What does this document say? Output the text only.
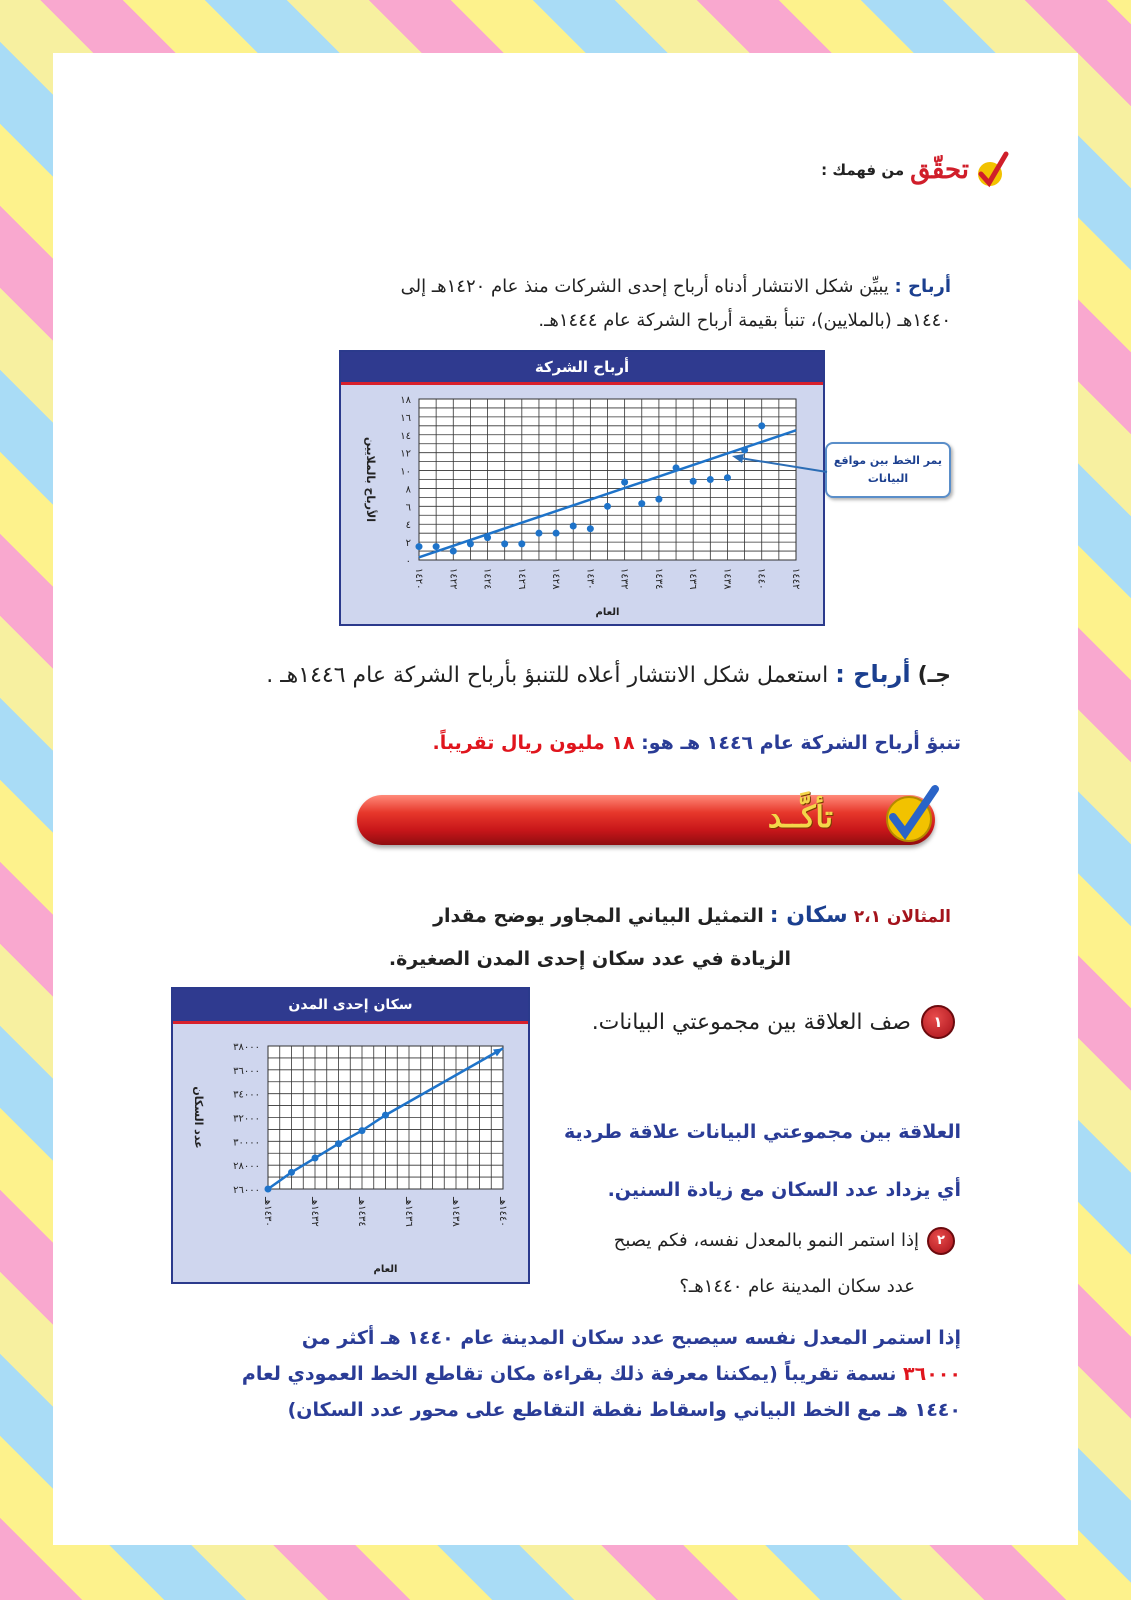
تحقّق
من فهمك :
أرباح : يبيِّن شكل الانتشار أدناه أرباح إحدى الشركات منذ عام ١٤٢٠هـ إلى
١٤٤٠هـ (بالملايين)، تنبأ بقيمة أرباح الشركة عام ١٤٤٤هـ.
أرباح الشركة
٠
٢
٤
٦
٨
١٠
١٢
١٤
١٦
١٨
١٤٢٠ ١٤٢٢ ١٤٢٤ ١٤٢٦ ١٤٢٨ ١٤٣٠ ١٤٣٢ ١٤٣٤ ١٤٣٦ ١٤٣٨ ١٤٤٠ ١٤٤٢
الأرباح بالملايين
العام
يمر الخط بين مواقع البيانات
جـ) أرباح : استعمل شكل الانتشار أعلاه للتنبؤ بأرباح الشركة عام ١٤٤٦هـ .
تنبؤ أرباح الشركة عام ١٤٤٦ هـ هو: ١٨ مليون ريال تقريباً.
تأكَّــد
المثالان ٢،١ سكان : التمثيل البياني المجاور يوضح مقدار
الزيادة في عدد سكان إحدى المدن الصغيرة.
سكان إحدى المدن
٢٦٠٠٠
٢٨٠٠٠
٣٠٠٠٠
٣٢٠٠٠
٣٤٠٠٠
٣٦٠٠٠
٣٨٠٠٠
١٤٣٠هـ
١٤٣٢هـ
١٤٣٤هـ
١٤٣٦هـ
١٤٣٨هـ
١٤٤٠هـ
عدد السكان
العام
١
صف العلاقة بين مجموعتي البيانات.
العلاقة بين مجموعتي البيانات علاقة طردية
أي يزداد عدد السكان مع زيادة السنين.
٢
إذا استمر النمو بالمعدل نفسه، فكم يصبح
عدد سكان المدينة عام ١٤٤٠هـ؟
إذا استمر المعدل نفسه سيصبح عدد سكان المدينة عام ١٤٤٠ هـ أكثر من
٣٦٠٠٠ نسمة تقريباً (يمكننا معرفة ذلك بقراءة مكان تقاطع الخط العمودي لعام
١٤٤٠ هـ مع الخط البياني واسقاط نقطة التقاطع على محور عدد السكان)
